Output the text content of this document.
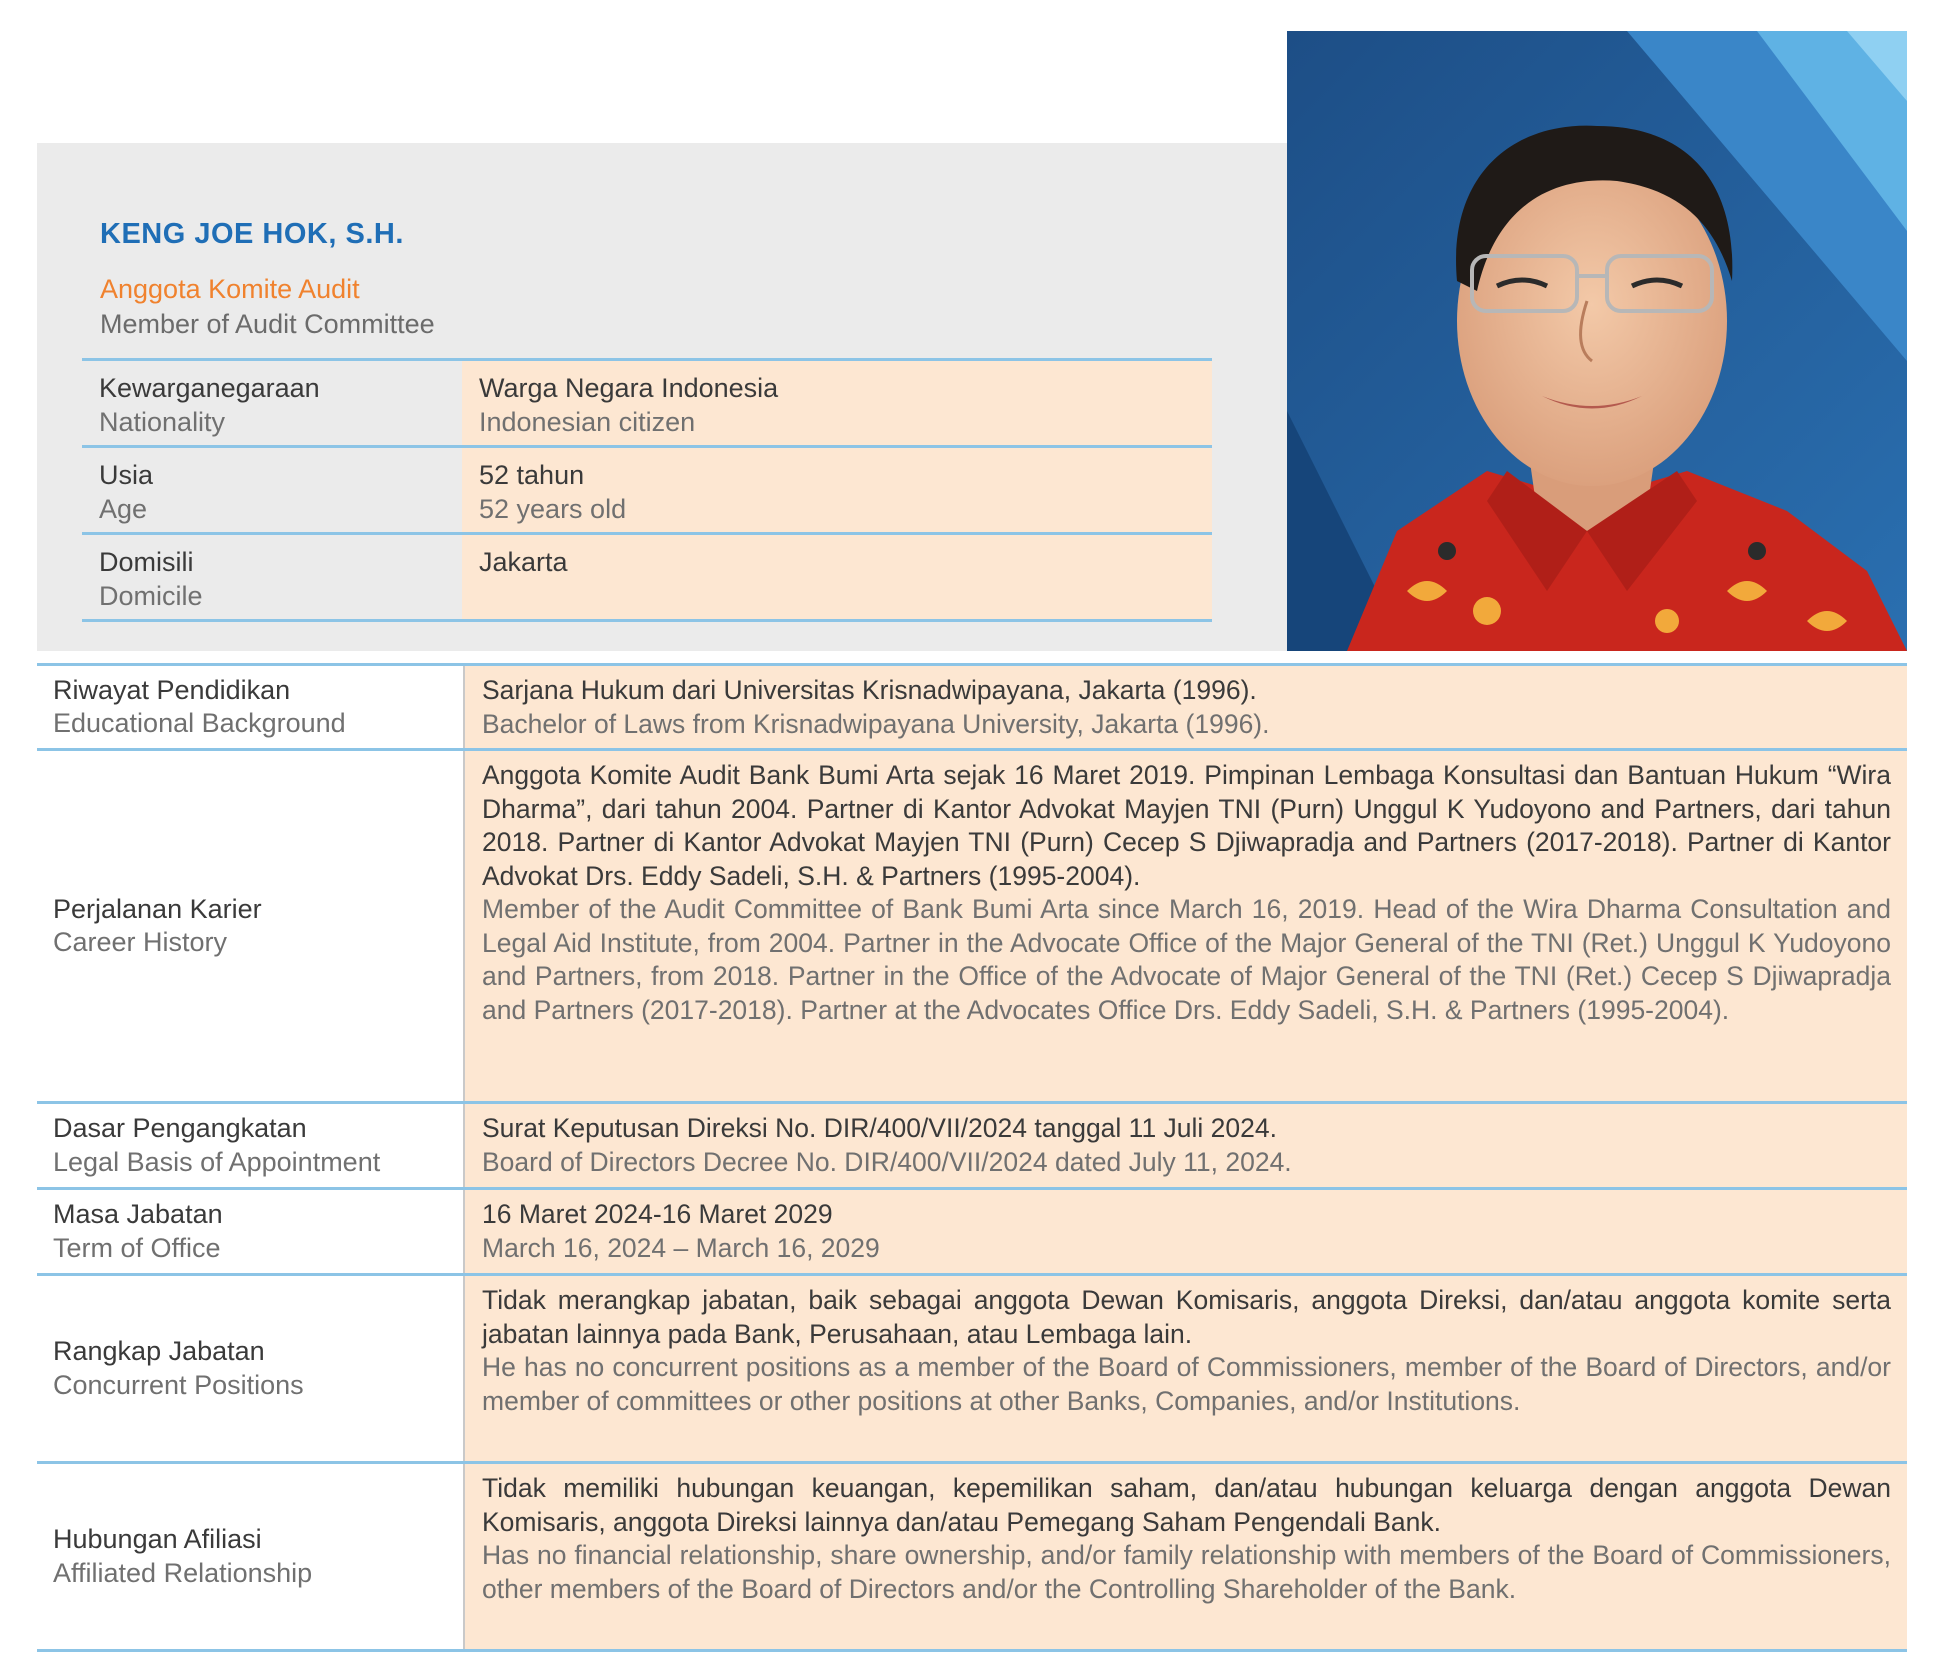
KENG JOE HOK, S.H.
Anggota Komite Audit
Member of Audit Committee
Kewarganegaraan
Nationality
Warga Negara Indonesia
Indonesian citizen
Usia
Age
52 tahun
52 years old
Domisili
Domicile
Jakarta
Riwayat Pendidikan
Educational Background

Sarjana Hukum dari Universitas Krisnadwipayana, Jakarta (1996).

Bachelor of Laws from Krisnadwipayana University, Jakarta (1996).

Perjalanan Karier
Career History

Anggota Komite Audit Bank Bumi Arta sejak 16 Maret 2019. Pimpinan Lembaga Konsultasi dan Bantuan Hukum “Wira Dharma”, dari tahun 2004. Partner di Kantor Advokat Mayjen TNI (Purn) Unggul K Yudoyono and Partners, dari tahun 2018. Partner di Kantor Advokat Mayjen TNI (Purn) Cecep S Djiwapradja and Partners (2017-2018). Partner di Kantor Advokat Drs. Eddy Sadeli, S.H. & Partners (1995-2004).

Member of the Audit Committee of Bank Bumi Arta since March 16, 2019. Head of the Wira Dharma Consultation and Legal Aid Institute, from 2004. Partner in the Advocate Office of the Major General of the TNI (Ret.) Unggul K Yudoyono and Partners, from 2018. Partner in the Office of the Advocate of Major General of the TNI (Ret.) Cecep S Djiwapradja and Partners (2017-2018). Partner at the Advocates Office Drs. Eddy Sadeli, S.H. & Partners (1995-2004).

Dasar Pengangkatan
Legal Basis of Appointment

Surat Keputusan Direksi No. DIR/400/VII/2024 tanggal 11 Juli 2024.

Board of Directors Decree No. DIR/400/VII/2024 dated July 11, 2024.

Masa Jabatan
Term of Office

16 Maret 2024-16 Maret 2029

March 16, 2024 – March 16, 2029

Rangkap Jabatan
Concurrent Positions

Tidak merangkap jabatan, baik sebagai anggota Dewan Komisaris, anggota Direksi, dan/atau anggota komite serta jabatan lainnya pada Bank, Perusahaan, atau Lembaga lain.

He has no concurrent positions as a member of the Board of Commissioners, member of the Board of Directors, and/or member of committees or other positions at other Banks, Companies, and/or Institutions.

Hubungan Afiliasi
Affiliated Relationship

Tidak memiliki hubungan keuangan, kepemilikan saham, dan/atau hubungan keluarga dengan anggota Dewan Komisaris, anggota Direksi lainnya dan/atau Pemegang Saham Pengendali Bank.

Has no financial relationship, share ownership, and/or family relationship with members of the Board of Commissioners, other members of the Board of Directors and/or the Controlling Shareholder of the Bank.
